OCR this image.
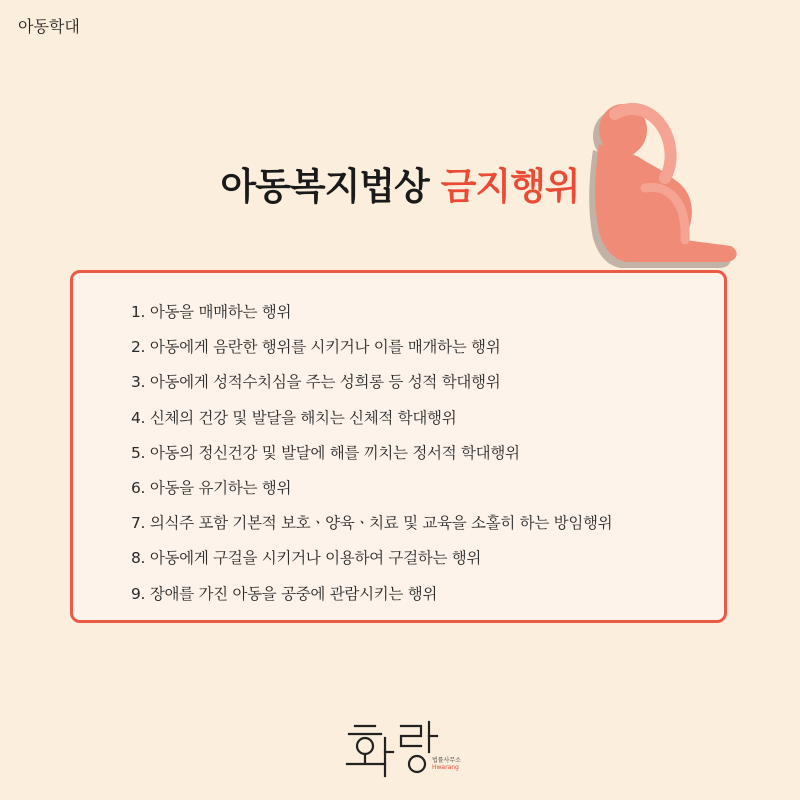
아동학대
아동복지법상 금지행위
1. 아동을 매매하는 행위
2. 아동에게 음란한 행위를 시키거나 이를 매개하는 행위
3. 아동에게 성적수치심을 주는 성희롱 등 성적 학대행위
4. 신체의 건강 및 발달을 해치는 신체적 학대행위
5. 아동의 정신건강 및 발달에 해를 끼치는 정서적 학대행위
6. 아동을 유기하는 행위
7. 의식주 포함 기본적 보호ㆍ양육ㆍ치료 및 교육을 소홀히 하는 방임행위
8. 아동에게 구걸을 시키거나 이용하여 구걸하는 행위
9. 장애를 가진 아동을 공중에 관람시키는 행위
법률사무소
Hwarang
